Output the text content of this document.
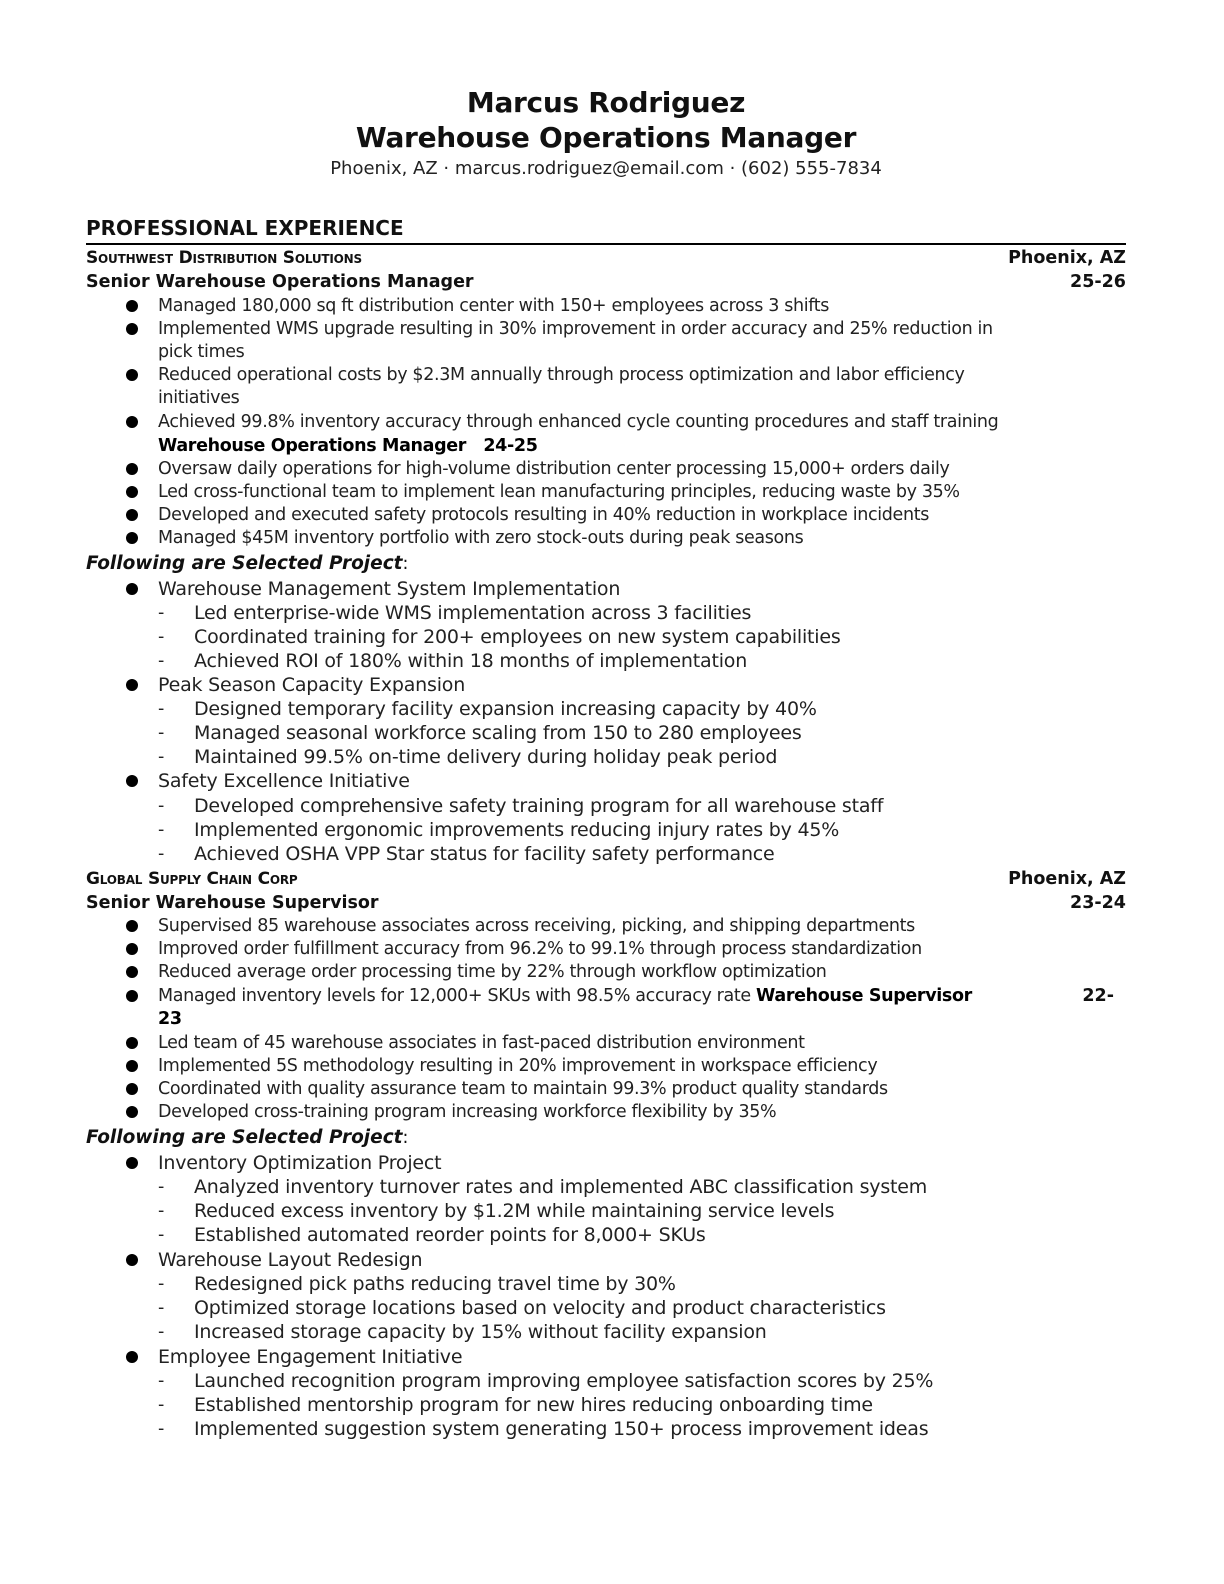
Marcus Rodriguez
Warehouse Operations Manager
Phoenix, AZ · marcus.rodriguez@email.com · (602) 555-7834
PROFESSIONAL EXPERIENCE
Southwest Distribution Solutions	Phoenix, AZ
Senior Warehouse Operations Manager	25-26
Managed 180,000 sq ft distribution center with 150+ employees across 3 shifts
Implemented WMS upgrade resulting in 30% improvement in order accuracy and 25% reduction in
pick times
Reduced operational costs by $2.3M annually through process optimization and labor efficiency
initiatives
Achieved 99.8% inventory accuracy through enhanced cycle counting procedures and staff training
Warehouse Operations Manager 24-25
Oversaw daily operations for high-volume distribution center processing 15,000+ orders daily
Led cross-functional team to implement lean manufacturing principles, reducing waste by 35%
Developed and executed safety protocols resulting in 40% reduction in workplace incidents
Managed $45M inventory portfolio with zero stock-outs during peak seasons
Following are Selected Project:
Warehouse Management System Implementation
- Led enterprise-wide WMS implementation across 3 facilities
- Coordinated training for 200+ employees on new system capabilities
- Achieved ROI of 180% within 18 months of implementation
Peak Season Capacity Expansion
- Designed temporary facility expansion increasing capacity by 40%
- Managed seasonal workforce scaling from 150 to 280 employees
- Maintained 99.5% on-time delivery during holiday peak period
Safety Excellence Initiative
- Developed comprehensive safety training program for all warehouse staff
- Implemented ergonomic improvements reducing injury rates by 45%
- Achieved OSHA VPP Star status for facility safety performance
Global Supply Chain Corp	Phoenix, AZ
Senior Warehouse Supervisor	23-24
Supervised 85 warehouse associates across receiving, picking, and shipping departments
Improved order fulfillment accuracy from 96.2% to 99.1% through process standardization
Reduced average order processing time by 22% through workflow optimization
Managed inventory levels for 12,000+ SKUs with 98.5% accuracy rate Warehouse Supervisor	22-
23
Led team of 45 warehouse associates in fast-paced distribution environment
Implemented 5S methodology resulting in 20% improvement in workspace efficiency
Coordinated with quality assurance team to maintain 99.3% product quality standards
Developed cross-training program increasing workforce flexibility by 35%
Following are Selected Project:
Inventory Optimization Project
- Analyzed inventory turnover rates and implemented ABC classification system
- Reduced excess inventory by $1.2M while maintaining service levels
- Established automated reorder points for 8,000+ SKUs
Warehouse Layout Redesign
- Redesigned pick paths reducing travel time by 30%
- Optimized storage locations based on velocity and product characteristics
- Increased storage capacity by 15% without facility expansion
Employee Engagement Initiative
- Launched recognition program improving employee satisfaction scores by 25%
- Established mentorship program for new hires reducing onboarding time
- Implemented suggestion system generating 150+ process improvement ideas
